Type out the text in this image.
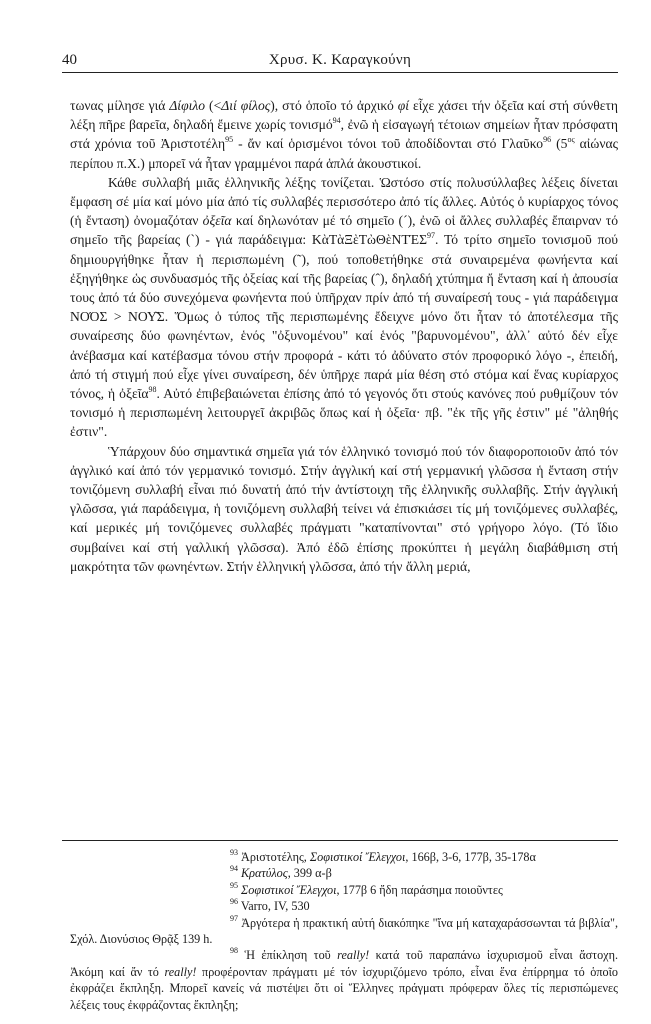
40	Χρυσ. Κ. Καραγκούνη

τωνας μίλησε γιά Δίφιλο (<Διί φίλος), στό ὁποῖο τό ἀρχικό φί εἶχε χάσει τήν ὀξεῖα καί στή σύνθετη λέξη πῆρε βαρεῖα, δηλαδή ἔμεινε χωρίς τονισμό$^{94}$, ἐνῶ ἡ εἰσαγωγή τέτοιων σημείων ἦταν πρόσφατη στά χρόνια τοῦ Ἀριστοτέλη$^{95}$ - ἄν καί ὁρισμένοι τόνοι τοῦ ἀποδίδονται στό Γλαῦκο$^{96}$ ($5^{o\varsigma}$ αἰώνας περίπου π.Χ.) μπορεῖ νά ἦταν γραμμένοι παρά ἁπλά ἀκουστικοί.

Κάθε συλλαβή μιᾶς ἑλληνικῆς λέξης τονίζεται. Ὡστόσο στίς πολυσύλλαβες λέξεις δίνεται ἔμφαση σέ μία καί μόνο μία ἀπό τίς συλλαβές περισσότερο ἀπό τίς ἄλλες. Αὐτός ὁ κυρίαρχος τόνος (ἡ ἔνταση) ὀνομαζόταν ὀξεῖα καί δηλωνόταν μέ τό σημεῖο (´), ἐνῶ οἱ ἄλλες συλλαβές ἔπαιρναν τό σημεῖο τῆς βαρείας (`) - γιά παράδειγμα: ΚὰΤὰΞὲΤὼΘὲΝΤΈΣ$^{97}$. Τό τρίτο σημεῖο τονισμοῦ πού δημιουργήθηκε ἦταν ἡ περισπωμένη (῀), πού τοποθετήθηκε στά συναιρεμένα φωνήεντα καί ἐξηγήθηκε ὡς συνδυασμός τῆς ὀξείας καί τῆς βαρείας (ˆ), δηλαδή χτύπημα ἤ ἔνταση καί ἡ ἀπουσία τους ἀπό τά δύο συνεχόμενα φωνήεντα πού ὑπῆρχαν πρίν ἀπό τή συναίρεσή τους - γιά παράδειγμα ΝΟΌΣ > ΝΟΥ͂Σ. Ὅμως ὁ τύπος τῆς περισπωμένης ἔδειχνε μόνο ὅτι ἦταν τό ἀποτέλεσμα τῆς συναίρεσης δύο φωνηέντων, ἑνός "ὀξυνομένου" καί ἑνός "βαρυνομένου", ἀλλ᾽ αὐτό δέν εἶχε ἀνέβασμα καί κατέβασμα τόνου στήν προφορά - κάτι τό ἀδύνατο στόν προφορικό λόγο -, ἐπειδή, ἀπό τή στιγμή πού εἶχε γίνει συναίρεση, δέν ὑπῆρχε παρά μία θέση στό στόμα καί ἕνας κυρίαρχος τόνος, ἡ ὀξεῖα$^{98}$. Αὐτό ἐπιβεβαιώνεται ἐπίσης ἀπό τό γεγονός ὅτι στούς κανόνες πού ρυθμίζουν τόν τονισμό ἡ περισπωμένη λειτουργεῖ ἀκριβῶς ὅπως καί ἡ ὀξεῖα· πβ. "ἐκ τῆς γῆς ἐστιν" μέ "ἀληθής ἐστιν".

Ὑπάρχουν δύο σημαντικά σημεῖα γιά τόν ἑλληνικό τονισμό πού τόν διαφοροποιοῦν ἀπό τόν ἀγγλικό καί ἀπό τόν γερμανικό τονισμό. Στήν ἀγγλική καί στή γερμανική γλῶσσα ἡ ἔνταση στήν τονιζόμενη συλλαβή εἶναι πιό δυνατή ἀπό τήν ἀντίστοιχη τῆς ἑλληνικῆς συλλαβῆς. Στήν ἀγγλική γλῶσσα, γιά παράδειγμα, ἡ τονιζόμενη συλλαβή τείνει νά ἐπισκιάσει τίς μή τονιζόμενες συλλαβές, καί μερικές μή τονιζόμενες συλλαβές πράγματι "καταπίνονται" στό γρήγορο λόγο. (Τό ἴδιο συμβαίνει καί στή γαλλική γλῶσσα). Ἀπό ἐδῶ ἐπίσης προκύπτει ἡ μεγάλη διαβάθμιση στή μακρότητα τῶν φωνηέντων. Στήν ἑλληνική γλῶσσα, ἀπό τήν ἄλλη μεριά,

$^{93}$ Ἀριστοτέλης, Σοφιστικοί Ἔλεγχοι, 166β, 3-6, 177β, 35-178α
$^{94}$ Κρατύλος, 399 α-β
$^{95}$ Σοφιστικοί Ἔλεγχοι, 177β 6 ἤδη παράσημα ποιοῦντες
$^{96}$ Varro, IV, 530
$^{97}$ Ἀργότερα ἡ πρακτική αὐτή διακόπηκε "ἵνα μή καταχαράσσωνται τά βιβλία", Σχόλ. Διονύσιος Θρᾷξ 139 h.
$^{98}$ Ἡ ἐπίκληση τοῦ really! κατά τοῦ παραπάνω ἰσχυρισμοῦ εἶναι ἄστοχη. Ἀκόμη καί ἄν τό really! προφέρονταν πράγματι μέ τόν ἰσχυριζόμενο τρόπο, εἶναι ἕνα ἐπίρρημα τό ὁποῖο ἐκφράζει ἔκπληξη. Μπορεῖ κανείς νά πιστέψει ὅτι οἱ Ἕλληνες πράγματι πρόφεραν ὅλες τίς περισπώμενες λέξεις τους ἐκφράζοντας ἔκπληξη;
